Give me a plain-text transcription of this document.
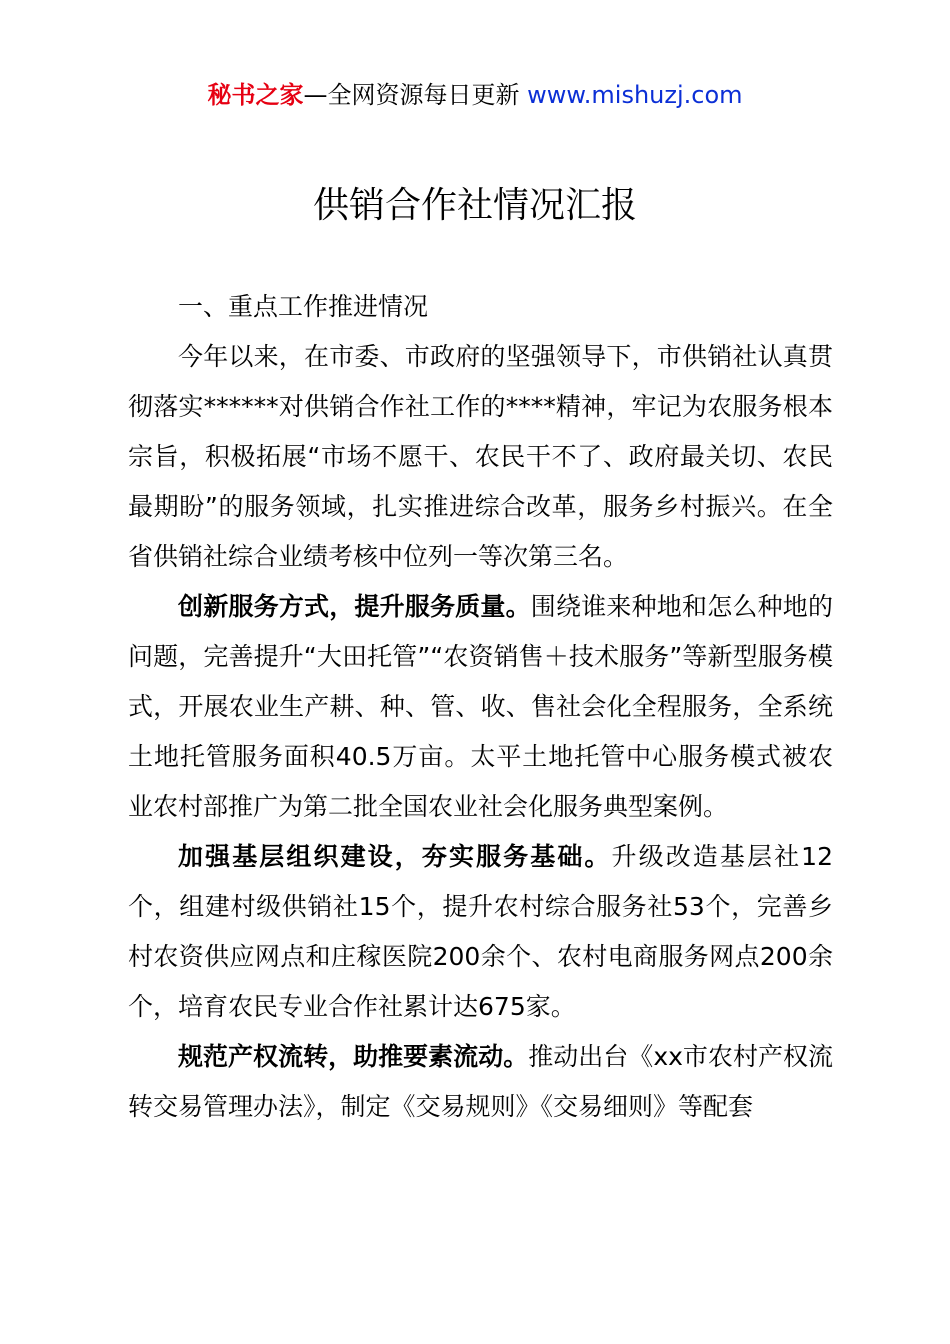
秘书之家—全网资源每日更新 www.mishuzj.com
供销合作社情况汇报

一、重点工作推进情况

今年以来，在市委、市政府的坚强领导下，市供销社认真贯彻落实******对供销合作社工作的****精神，牢记为农服务根本宗旨，积极拓展“市场不愿干、农民干不了、政府最关切、农民最期盼”的服务领域，扎实推进综合改革，服务乡村振兴。在全省供销社综合业绩考核中位列一等次第三名。

创新服务方式，提升服务质量。围绕谁来种地和怎么种地的问题，完善提升“大田托管”“农资销售＋技术服务”等新型服务模式，开展农业生产耕、种、管、收、售社会化全程服务，全系统土地托管服务面积40.5万亩。太平土地托管中心服务模式被农业农村部推广为第二批全国农业社会化服务典型案例。

加强基层组织建设，夯实服务基础。升级改造基层社12个，组建村级供销社15个，提升农村综合服务社53个，完善乡村农资供应网点和庄稼医院200余个、农村电商服务网点200余个，培育农民专业合作社累计达675家。

规范产权流转，助推要素流动。推动出台《xx市农村产权流转交易管理办法》，制定《交易规则》《交易细则》等配套
